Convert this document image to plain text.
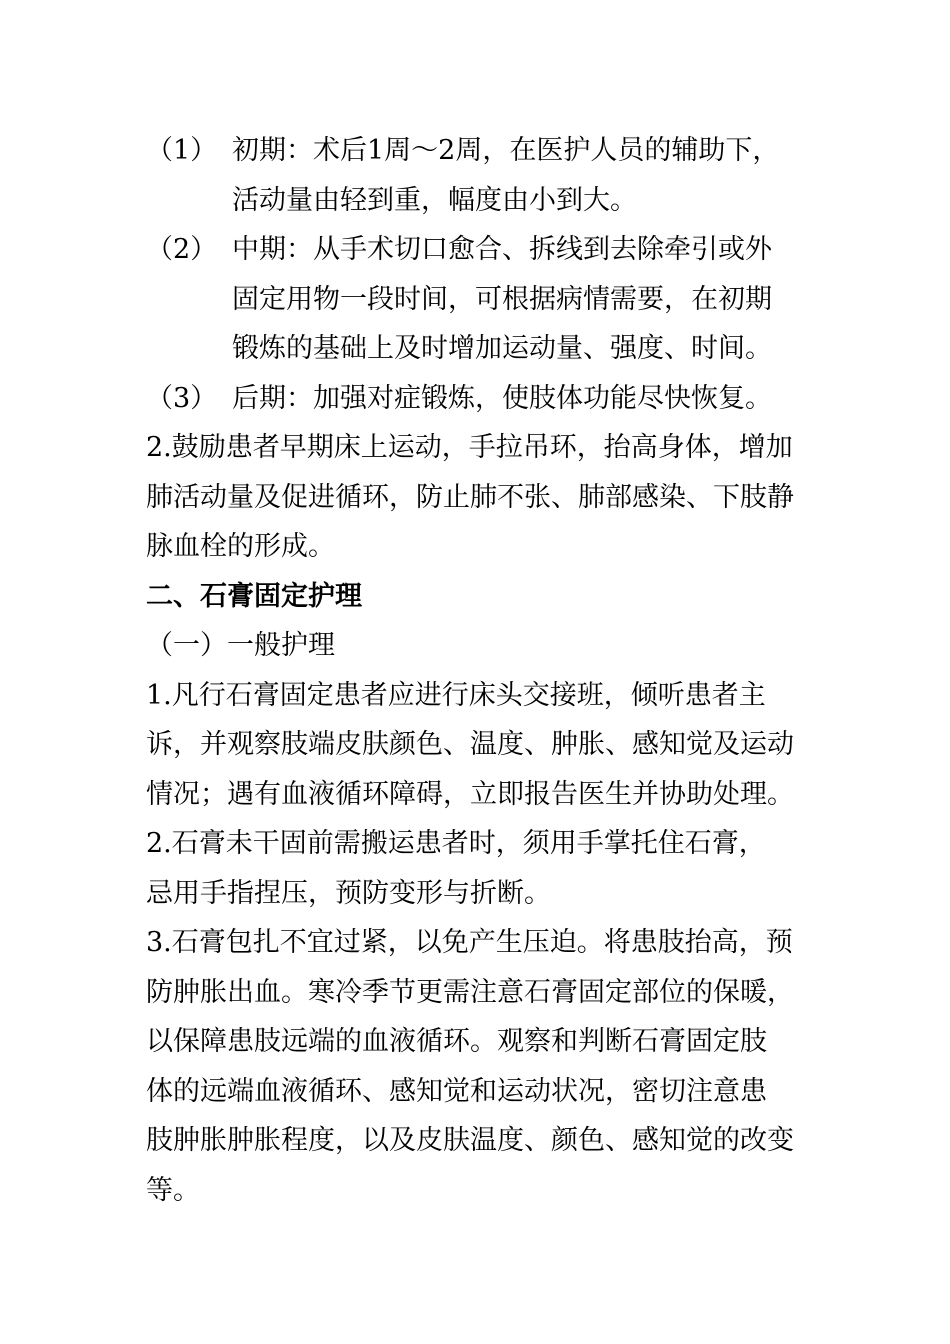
（1） 初期：术后1周～2周，在医护人员的辅助下，
活动量由轻到重，幅度由小到大。
（2） 中期：从手术切口愈合、拆线到去除牵引或外
固定用物一段时间，可根据病情需要，在初期
锻炼的基础上及时增加运动量、强度、时间。
（3） 后期：加强对症锻炼，使肢体功能尽快恢复。
2.鼓励患者早期床上运动，手拉吊环，抬高身体，增加
肺活动量及促进循环，防止肺不张、肺部感染、下肢静
脉血栓的形成。
二、石膏固定护理
（一）一般护理
1.凡行石膏固定患者应进行床头交接班，倾听患者主
诉，并观察肢端皮肤颜色、温度、肿胀、感知觉及运动
情况；遇有血液循环障碍，立即报告医生并协助处理。
2.石膏未干固前需搬运患者时，须用手掌托住石膏，
忌用手指捏压，预防变形与折断。
3.石膏包扎不宜过紧，以免产生压迫。将患肢抬高，预
防肿胀出血。寒冷季节更需注意石膏固定部位的保暖，
以保障患肢远端的血液循环。观察和判断石膏固定肢
体的远端血液循环、感知觉和运动状况，密切注意患
肢肿胀肿胀程度，以及皮肤温度、颜色、感知觉的改变
等。
